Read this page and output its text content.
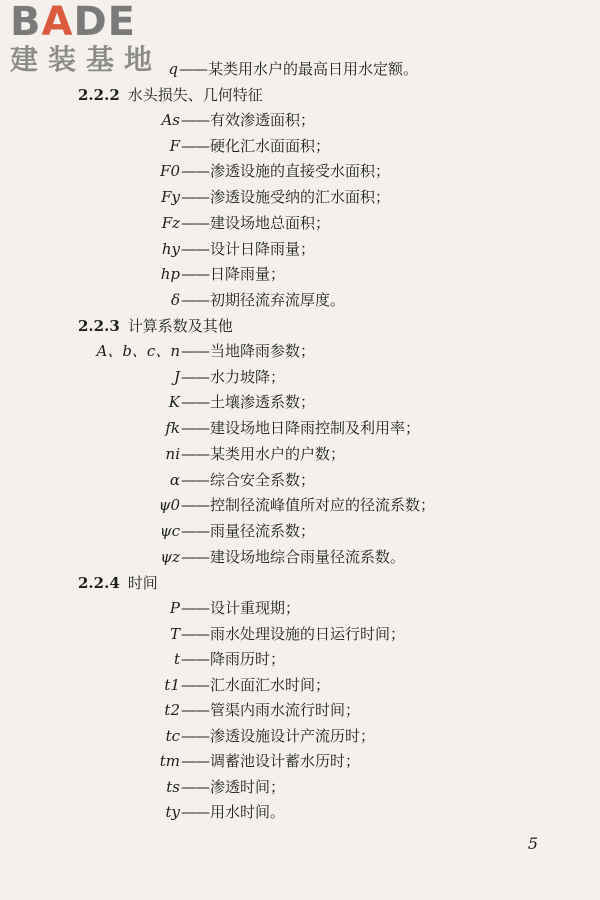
BADE
建装基地 q——某类用水户的最高日用水定额。
2.2.2 水头损失、几何特征
As——有效渗透面积；
F——硬化汇水面面积；
F0——渗透设施的直接受水面积；
Fy——渗透设施受纳的汇水面积；
Fz——建设场地总面积；
hy——设计日降雨量；
hp——日降雨量；
δ——初期径流弃流厚度。
2.2.3 计算系数及其他
A、b、c、n——当地降雨参数；
J——水力坡降；
K——土壤渗透系数；
fk——建设场地日降雨控制及利用率；
ni——某类用水户的户数；
α——综合安全系数；
ψ0——控制径流峰值所对应的径流系数；
ψc——雨量径流系数；
ψz——建设场地综合雨量径流系数。
2.2.4 时间
P——设计重现期；
T——雨水处理设施的日运行时间；
t——降雨历时；
t1——汇水面汇水时间；
t2——管渠内雨水流行时间；
tc——渗透设施设计产流历时；
tm——调蓄池设计蓄水历时；
ts——渗透时间；
ty——用水时间。
5
